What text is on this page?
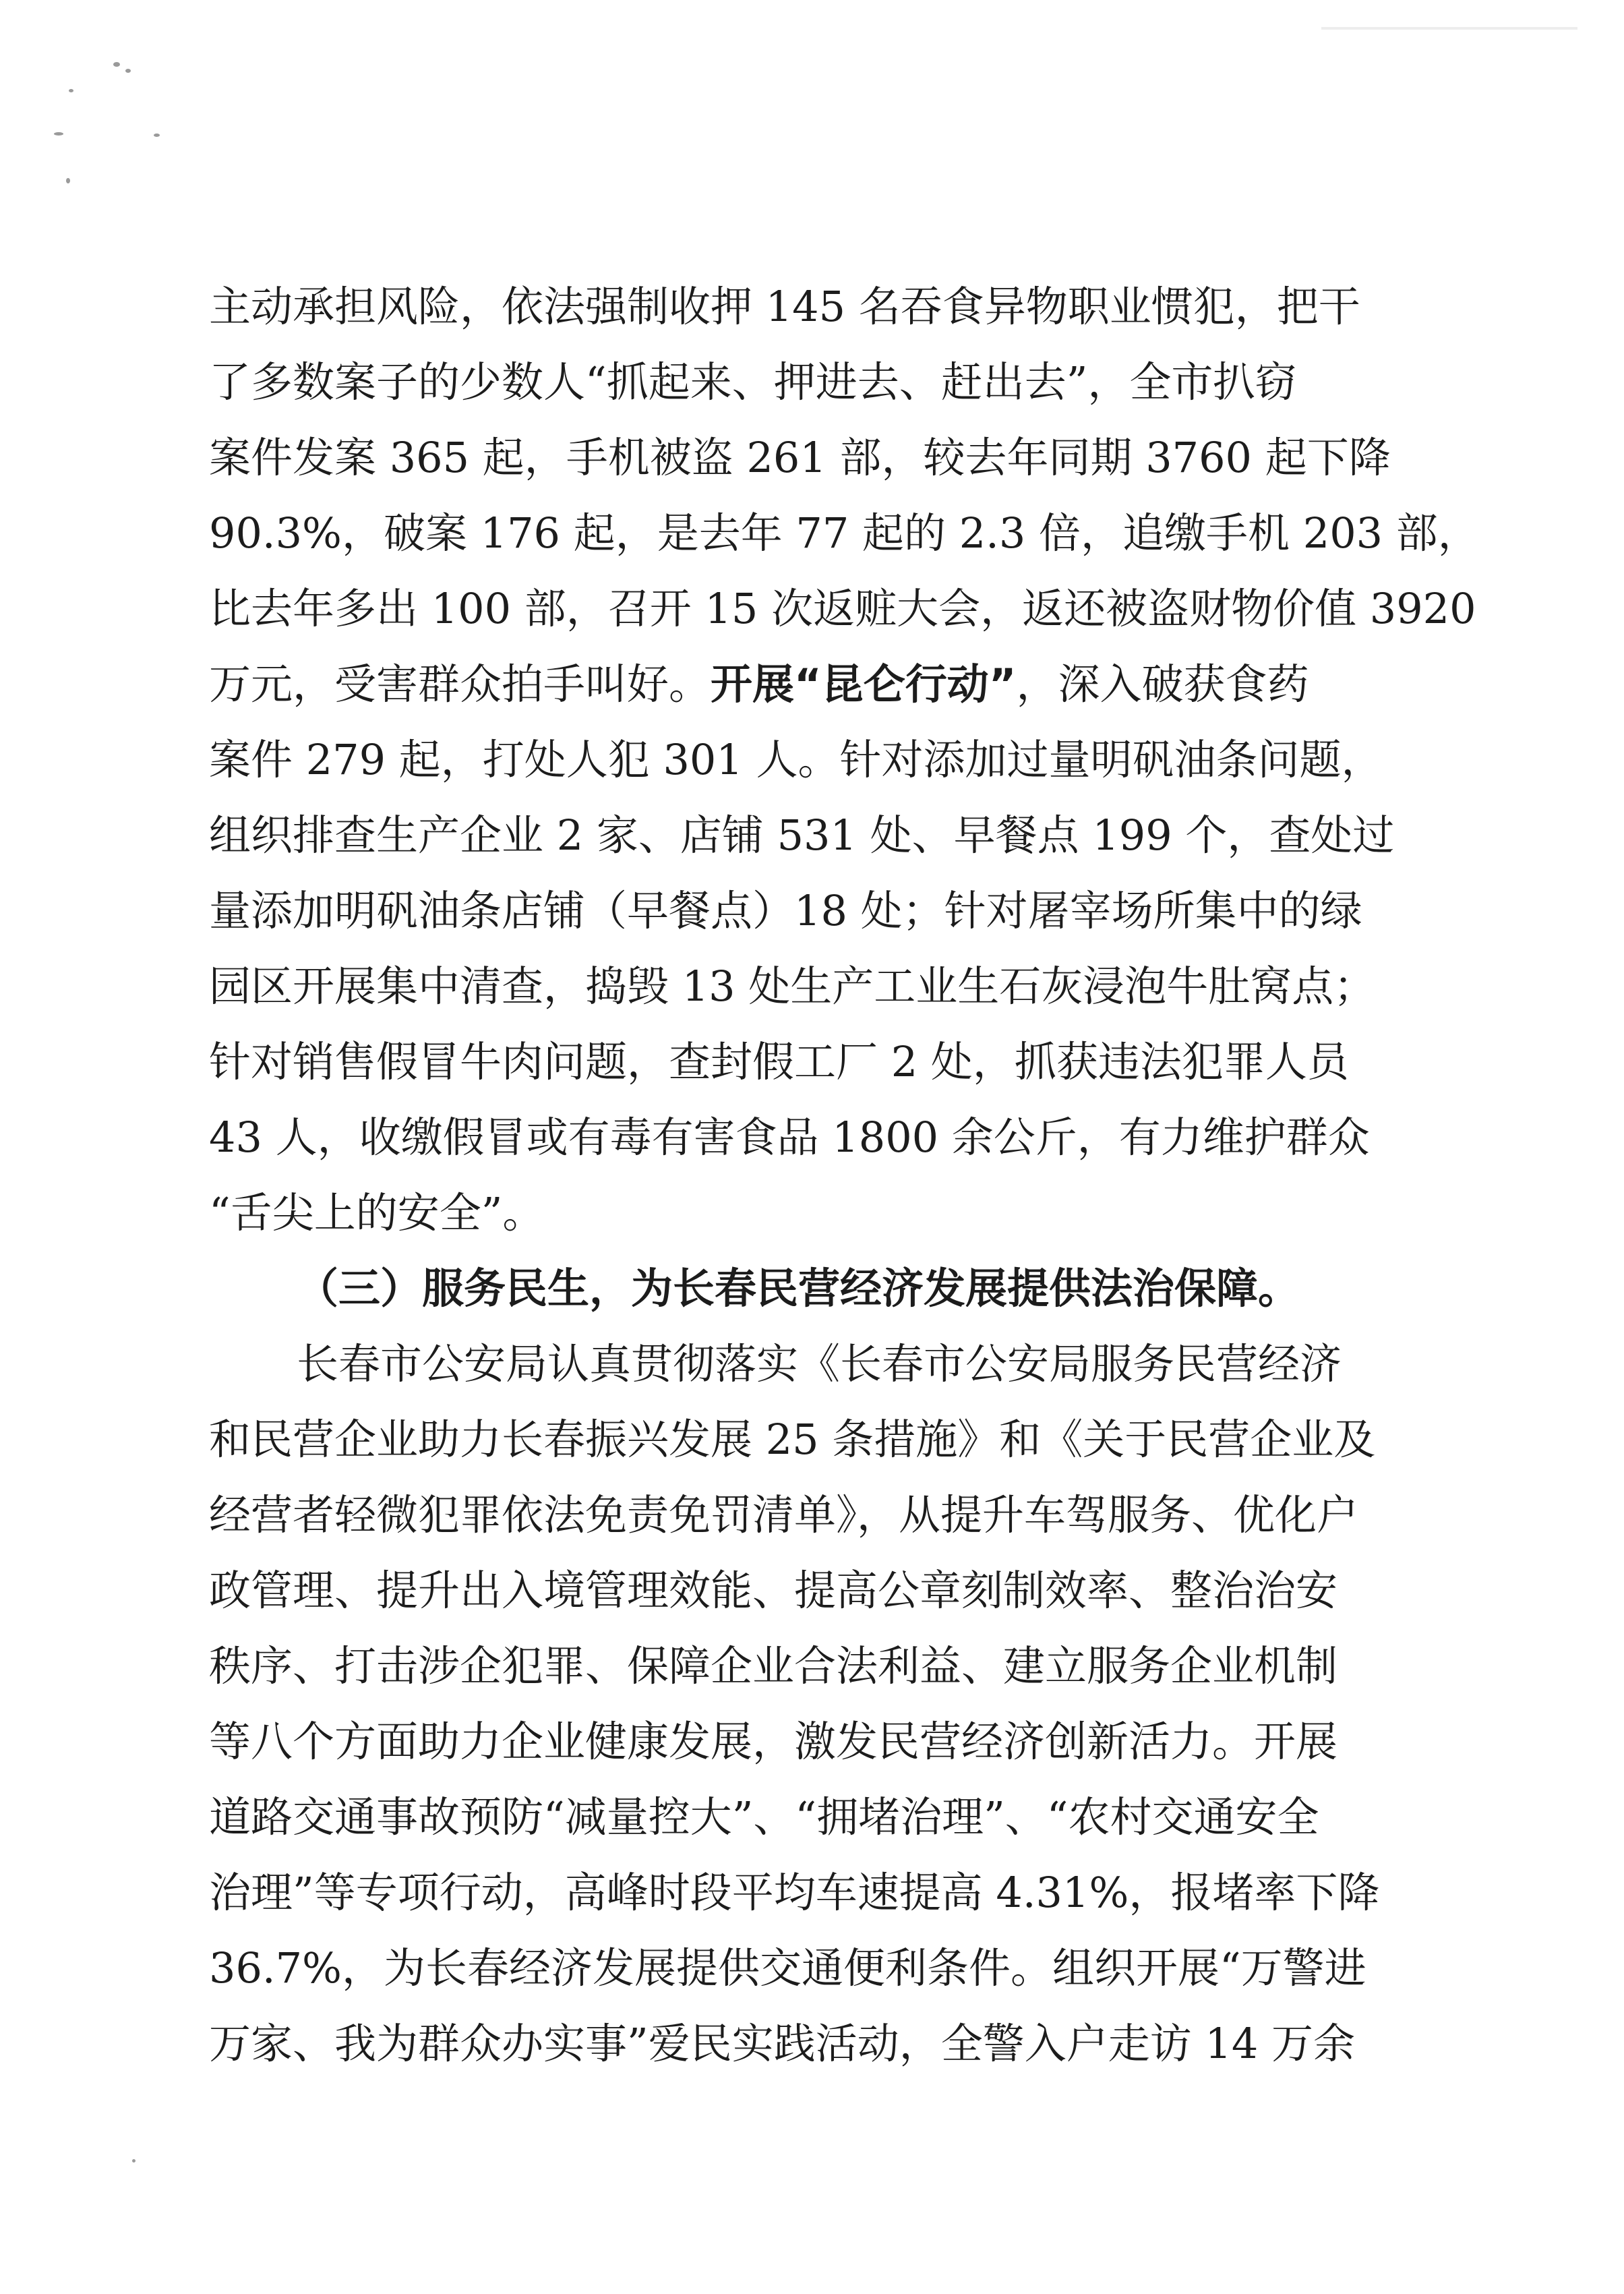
主动承担风险，依法强制收押 145 名吞食异物职业惯犯，把干
了多数案子的少数人“抓起来、押进去、赶出去”，全市扒窃
案件发案 365 起，手机被盗 261 部，较去年同期 3760 起下降
90.3%，破案 176 起，是去年 77 起的 2.3 倍，追缴手机 203 部，
比去年多出 100 部，召开 15 次返赃大会，返还被盗财物价值 3920
万元，受害群众拍手叫好。开展“昆仑行动”，深入破获食药
案件 279 起，打处人犯 301 人。针对添加过量明矾油条问题，
组织排查生产企业 2 家、店铺 531 处、早餐点 199 个，查处过
量添加明矾油条店铺（早餐点）18 处；针对屠宰场所集中的绿
园区开展集中清查，捣毁 13 处生产工业生石灰浸泡牛肚窝点；
针对销售假冒牛肉问题，查封假工厂 2 处，抓获违法犯罪人员
43 人，收缴假冒或有毒有害食品 1800 余公斤，有力维护群众
“舌尖上的安全”。
（三）服务民生，为长春民营经济发展提供法治保障。
长春市公安局认真贯彻落实《长春市公安局服务民营经济
和民营企业助力长春振兴发展 25 条措施》和《关于民营企业及
经营者轻微犯罪依法免责免罚清单》，从提升车驾服务、优化户
政管理、提升出入境管理效能、提高公章刻制效率、整治治安
秩序、打击涉企犯罪、保障企业合法利益、建立服务企业机制
等八个方面助力企业健康发展，激发民营经济创新活力。开展
道路交通事故预防“减量控大”、“拥堵治理”、“农村交通安全
治理”等专项行动，高峰时段平均车速提高 4.31%，报堵率下降
36.7%，为长春经济发展提供交通便利条件。组织开展“万警进
万家、我为群众办实事”爱民实践活动，全警入户走访 14 万余
